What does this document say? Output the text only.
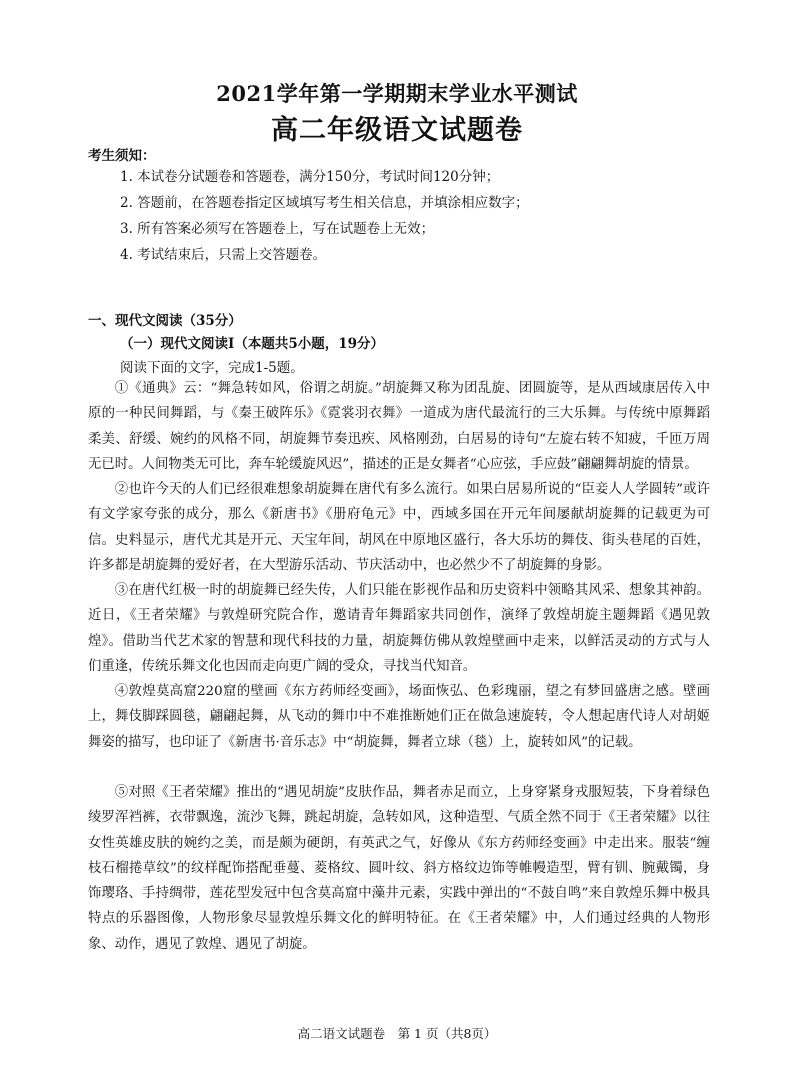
2021学年第一学期期末学业水平测试
高二年级语文试题卷
考生须知：
1. 本试卷分试题卷和答题卷，满分150分，考试时间120分钟；
2. 答题前，在答题卷指定区域填写考生相关信息，并填涂相应数字；
3. 所有答案必须写在答题卷上，写在试题卷上无效；
4. 考试结束后，只需上交答题卷。
一、现代文阅读（35分）
（一）现代文阅读Ⅰ（本题共5小题，19分）
阅读下面的文字，完成1-5题。

①《通典》云：“舞急转如风，俗谓之胡旋。”胡旋舞又称为团乱旋、团圆旋等，是从西域康居传入中原的一种民间舞蹈，与《秦王破阵乐》《霓裳羽衣舞》一道成为唐代最流行的三大乐舞。与传统中原舞蹈柔美、舒缓、婉约的风格不同，胡旋舞节奏迅疾、风格刚劲，白居易的诗句“左旋右转不知疲，千匝万周无已时。人间物类无可比，奔车轮缓旋风迟”，描述的正是女舞者“心应弦，手应鼓”翩翩舞胡旋的情景。

②也许今天的人们已经很难想象胡旋舞在唐代有多么流行。如果白居易所说的“臣妾人人学圆转”或许有文学家夸张的成分，那么《新唐书》《册府龟元》中，西域多国在开元年间屡献胡旋舞的记载更为可信。史料显示，唐代尤其是开元、天宝年间，胡风在中原地区盛行，各大乐坊的舞伎、街头巷尾的百姓，许多都是胡旋舞的爱好者，在大型游乐活动、节庆活动中，也必然少不了胡旋舞的身影。

③在唐代红极一时的胡旋舞已经失传，人们只能在影视作品和历史资料中领略其风采、想象其神韵。近日，《王者荣耀》与敦煌研究院合作，邀请青年舞蹈家共同创作，演绎了敦煌胡旋主题舞蹈《遇见敦煌》。借助当代艺术家的智慧和现代科技的力量，胡旋舞仿佛从敦煌壁画中走来，以鲜活灵动的方式与人们重逢，传统乐舞文化也因而走向更广阔的受众，寻找当代知音。

④敦煌莫高窟220窟的壁画《东方药师经变画》，场面恢弘、色彩瑰丽，望之有梦回盛唐之感。壁画上，舞伎脚踩圆毯，翩翩起舞，从飞动的舞巾中不难推断她们正在做急速旋转，令人想起唐代诗人对胡姬舞姿的描写，也印证了《新唐书·音乐志》中“胡旋舞，舞者立球（毯）上，旋转如风”的记载。

⑤对照《王者荣耀》推出的“遇见胡旋”皮肤作品，舞者赤足而立，上身穿紧身戎服短装，下身着绿色绫罗浑裆裤，衣带飘逸，流沙飞舞，跳起胡旋，急转如风，这种造型、气质全然不同于《王者荣耀》以往女性英雄皮肤的婉约之美，而是颇为硬朗，有英武之气，好像从《东方药师经变画》中走出来。服装“缠枝石榴捲草纹”的纹样配饰搭配垂蔓、菱格纹、圆叶纹、斜方格纹边饰等帷幔造型，臂有钏、腕戴镯，身饰璎珞、手持绸带，莲花型发冠中包含莫高窟中藻井元素，实践中弹出的“不鼓自鸣”来自敦煌乐舞中极具特点的乐器图像，人物形象尽显敦煌乐舞文化的鲜明特征。在《王者荣耀》中，人们通过经典的人物形象、动作，遇见了敦煌、遇见了胡旋。

高二语文试题卷　第 1 页（共8页）
